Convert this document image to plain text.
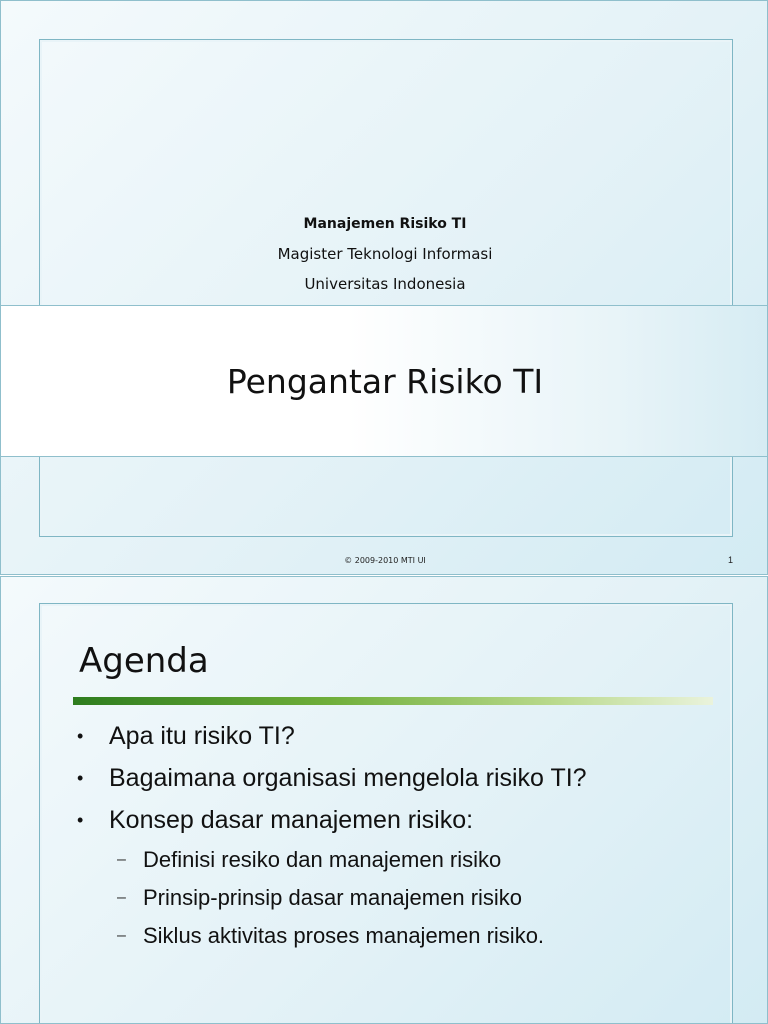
Manajemen Risiko TI
Magister Teknologi Informasi
Universitas Indonesia
Pengantar Risiko TI
© 2009-2010 MTI UI	1
Agenda
• Apa itu risiko TI?
• Bagaimana organisasi mengelola risiko TI?
• Konsep dasar manajemen risiko:
– Definisi resiko dan manajemen risiko
– Prinsip-prinsip dasar manajemen risiko
– Siklus aktivitas proses manajemen risiko.
